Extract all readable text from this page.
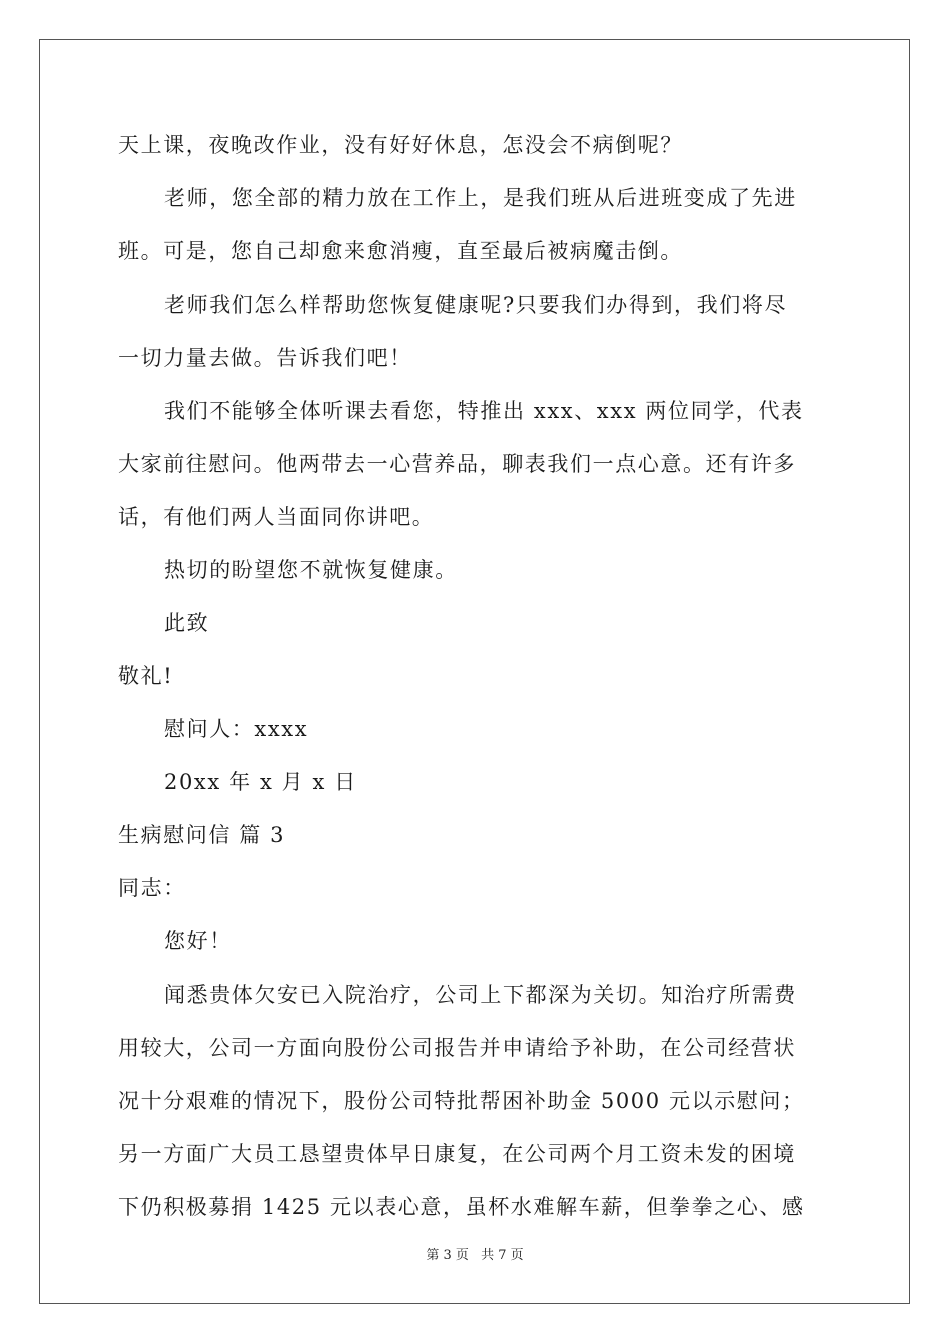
天上课，夜晚改作业，没有好好休息，怎没会不病倒呢？
老师，您全部的精力放在工作上，是我们班从后进班变成了先进
班。可是，您自己却愈来愈消瘦，直至最后被病魔击倒。
老师我们怎么样帮助您恢复健康呢?只要我们办得到，我们将尽
一切力量去做。告诉我们吧！
我们不能够全体听课去看您，特推出 xxx、xxx 两位同学，代表
大家前往慰问。他两带去一心营养品，聊表我们一点心意。还有许多
话，有他们两人当面同你讲吧。
热切的盼望您不就恢复健康。
此致
敬礼!
慰问人：xxxx
20xx 年 x 月 x 日
生病慰问信 篇 3
同志：
您好！
闻悉贵体欠安已入院治疗，公司上下都深为关切。知治疗所需费
用较大，公司一方面向股份公司报告并申请给予补助，在公司经营状
况十分艰难的情况下，股份公司特批帮困补助金 5000 元以示慰问；
另一方面广大员工恳望贵体早日康复，在公司两个月工资未发的困境
下仍积极募捐 1425 元以表心意，虽杯水难解车薪，但拳拳之心、感
第 3 页 共 7 页
